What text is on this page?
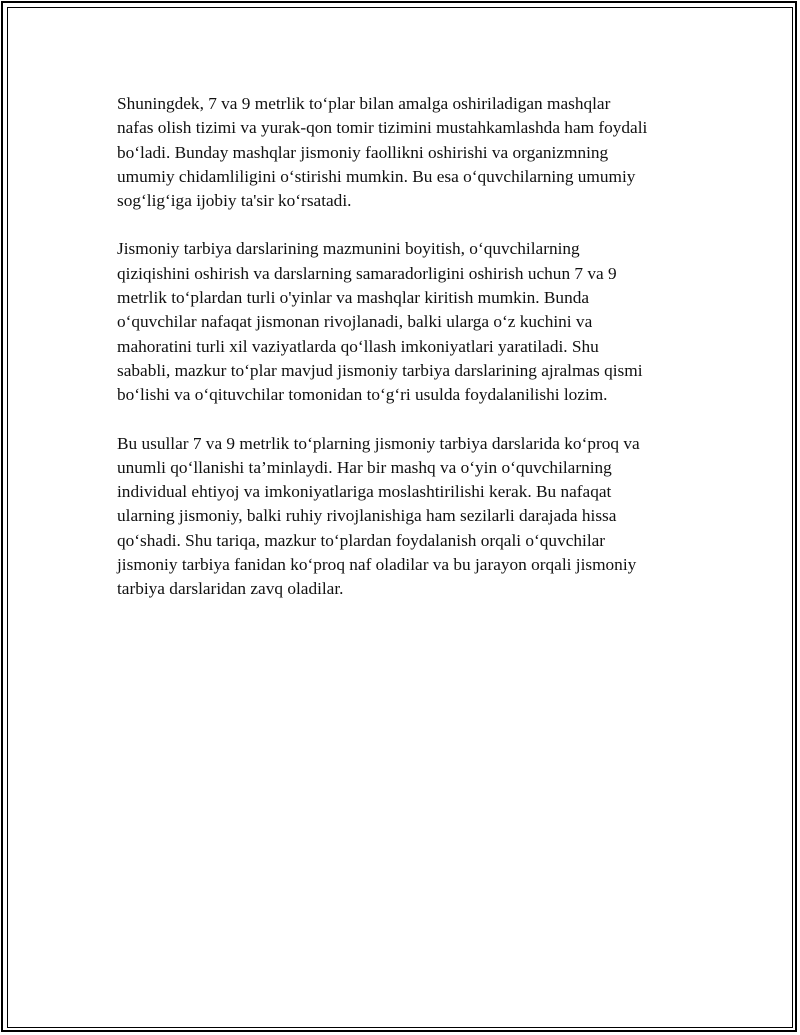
Shuningdek, 7 va 9 metrlik to‘plar bilan amalga oshiriladigan mashqlar
nafas olish tizimi va yurak-qon tomir tizimini mustahkamlashda ham foydali
bo‘ladi. Bunday mashqlar jismoniy faollikni oshirishi va organizmning
umumiy chidamliligini o‘stirishi mumkin. Bu esa o‘quvchilarning umumiy
sog‘lig‘iga ijobiy ta'sir ko‘rsatadi.

Jismoniy tarbiya darslarining mazmunini boyitish, o‘quvchilarning
qiziqishini oshirish va darslarning samaradorligini oshirish uchun 7 va 9
metrlik to‘plardan turli o'yinlar va mashqlar kiritish mumkin. Bunda
o‘quvchilar nafaqat jismonan rivojlanadi, balki ularga o‘z kuchini va
mahoratini turli xil vaziyatlarda qo‘llash imkoniyatlari yaratiladi. Shu
sababli, mazkur to‘plar mavjud jismoniy tarbiya darslarining ajralmas qismi
bo‘lishi va o‘qituvchilar tomonidan to‘g‘ri usulda foydalanilishi lozim.

Bu usullar 7 va 9 metrlik to‘plarning jismoniy tarbiya darslarida ko‘proq va
unumli qo‘llanishi ta’minlaydi. Har bir mashq va o‘yin o‘quvchilarning
individual ehtiyoj va imkoniyatlariga moslashtirilishi kerak. Bu nafaqat
ularning jismoniy, balki ruhiy rivojlanishiga ham sezilarli darajada hissa
qo‘shadi. Shu tariqa, mazkur to‘plardan foydalanish orqali o‘quvchilar
jismoniy tarbiya fanidan ko‘proq naf oladilar va bu jarayon orqali jismoniy
tarbiya darslaridan zavq oladilar.
